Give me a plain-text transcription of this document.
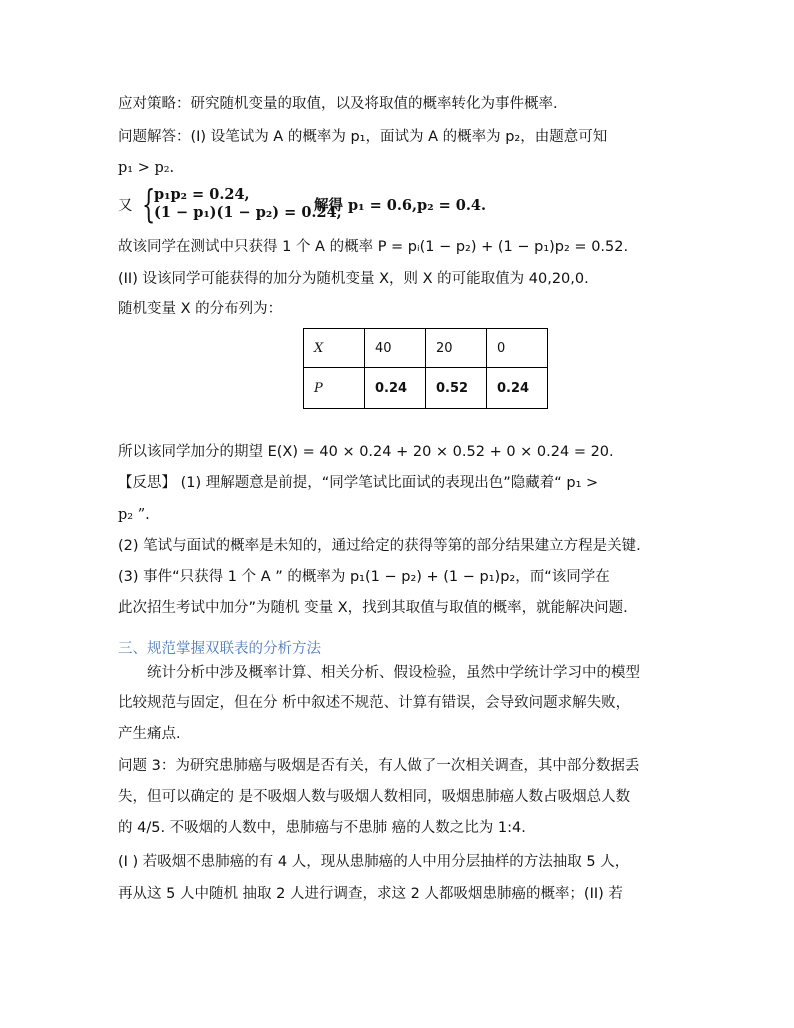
应对策略：研究随机变量的取值，以及将取值的概率转化为事件概率.
问题解答：(I) 设笔试为 A 的概率为 p₁，面试为 A 的概率为 p₂，由题意可知
p₁ > p₂.
又 {
p₁p₂ = 0.24,
(1 − p₁)(1 − p₂) = 0.24,
解得 p₁ = 0.6,p₂ = 0.4.
故该同学在测试中只获得 1 个 A 的概率 P = pᵢ(1 − p₂) + (1 − p₁)p₂ = 0.52.
(II) 设该同学可能获得的加分为随机变量 X，则 X 的可能取值为 40,20,0.
随机变量 X 的分布列为：
X	40	20	0
P	0.24	0.52	0.24
所以该同学加分的期望 E(X) = 40 × 0.24 + 20 × 0.52 + 0 × 0.24 = 20.
【反思】 (1) 理解题意是前提，“同学笔试比面试的表现出色”隐藏着“ p₁ >
p₂ ”.
(2) 笔试与面试的概率是未知的，通过给定的获得等第的部分结果建立方程是关键.
(3) 事件“只获得 1 个 A ” 的概率为 p₁(1 − p₂) + (1 − p₁)p₂，而“该同学在
此次招生考试中加分”为随机 变量 X，找到其取值与取值的概率，就能解决问题.
三、规范掌握双联表的分析方法
　　统计分析中涉及概率计算、相关分析、假设检验，虽然中学统计学习中的模型
比较规范与固定，但在分 析中叙述不规范、计算有错误，会导致问题求解失败，
产生痛点.
问题 3：为研究患肺癌与吸烟是否有关，有人做了一次相关调查，其中部分数据丢
失，但可以确定的 是不吸烟人数与吸烟人数相同，吸烟患肺癌人数占吸烟总人数
的 4/5. 不吸烟的人数中，患肺癌与不患肺 癌的人数之比为 1:4.
(I ) 若吸烟不患肺癌的有 4 人，现从患肺癌的人中用分层抽样的方法抽取 5 人，
再从这 5 人中随机 抽取 2 人进行调查，求这 2 人都吸烟患肺癌的概率；(II) 若
